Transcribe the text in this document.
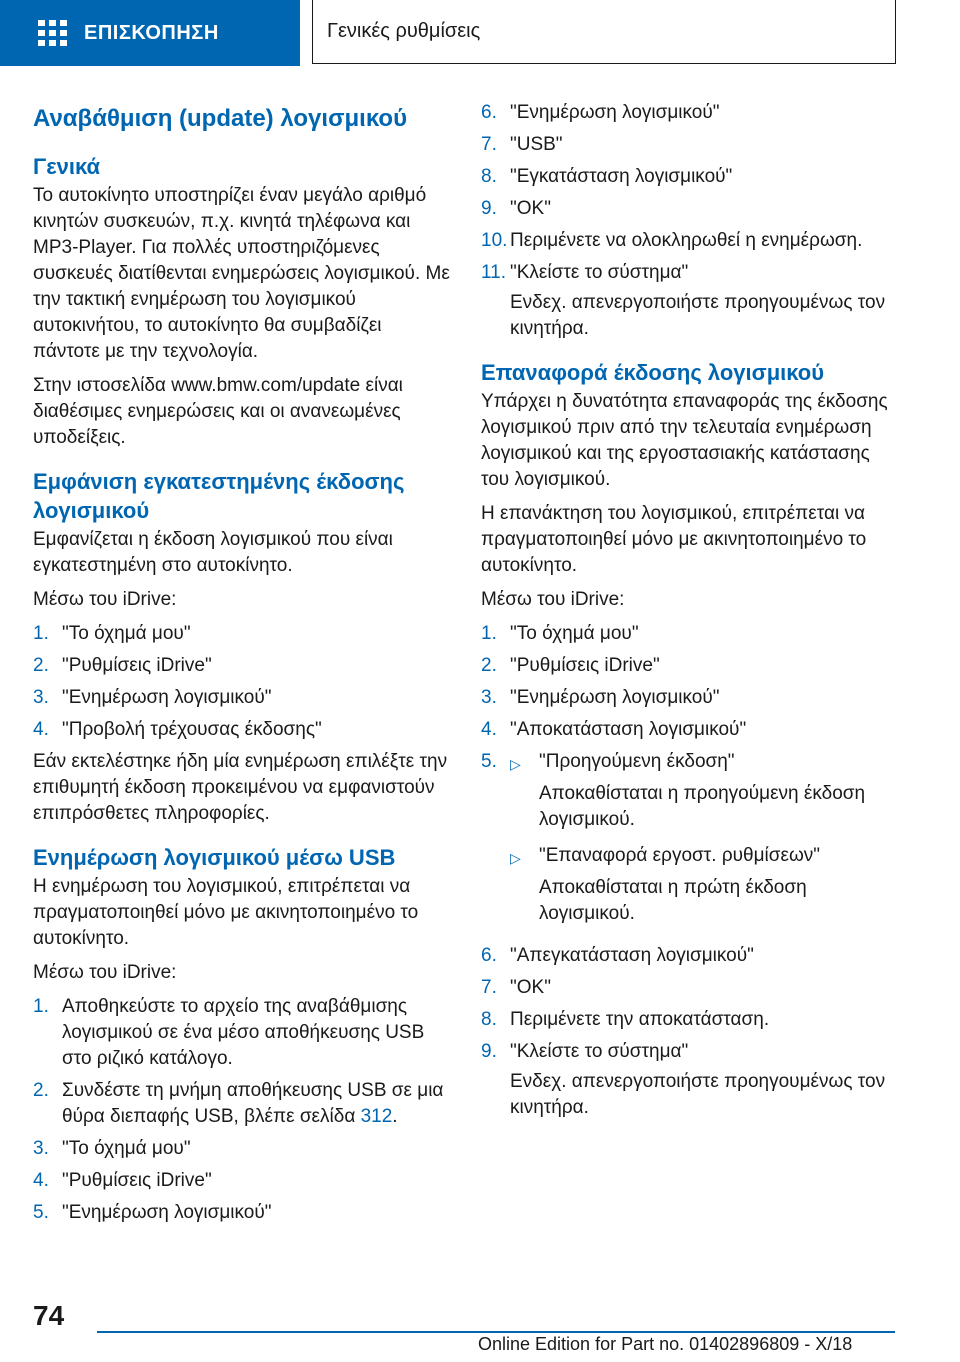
ΕΠΙΣΚΟΠΗΣΗ	Γενικές ρυθμίσεις
Αναβάθμιση (update) λογισμικού
Γενικά

Το αυτοκίνητο υποστηρίζει έναν μεγάλο αριθμό κινητών συσκευών, π.χ. κινητά τηλέφωνα και MP3-Player. Για πολλές υποστηριζόμενες συσκευές διατίθενται ενημερώσεις λογισμικού. Με την τακτική ενημέρωση του λογισμικού αυτοκινήτου, το αυτοκίνητο θα συμβαδίζει πάντοτε με την τεχνολογία.

Στην ιστοσελίδα www.bmw.com/update είναι διαθέσιμες ενημερώσεις και οι ανανεωμένες υποδείξεις.

Εμφάνιση εγκατεστημένης έκδοσης λογισμικού

Εμφανίζεται η έκδοση λογισμικού που είναι εγκατεστημένη στο αυτοκίνητο.

Μέσω του iDrive:

1. "Το όχημά μου"
2. "Ρυθμίσεις iDrive"
3. "Ενημέρωση λογισμικού"
4. "Προβολή τρέχουσας έκδοσης"

Εάν εκτελέστηκε ήδη μία ενημέρωση επιλέξτε την επιθυμητή έκδοση προκειμένου να εμφανιστούν επιπρόσθετες πληροφορίες.

Ενημέρωση λογισμικού μέσω USB

Η ενημέρωση του λογισμικού, επιτρέπεται να πραγματοποιηθεί μόνο με ακινητοποιημένο το αυτοκίνητο.

Μέσω του iDrive:

1. Αποθηκεύστε το αρχείο της αναβάθμισης λογισμικού σε ένα μέσο αποθήκευσης USB στο ριζικό κατάλογο.
2. Συνδέστε τη μνήμη αποθήκευσης USB σε μια θύρα διεπαφής USB, βλέπε σελίδα 312.
3. "Το όχημά μου"
4. "Ρυθμίσεις iDrive"
5. "Ενημέρωση λογισμικού"
6. "Ενημέρωση λογισμικού"
7. "USB"
8. "Εγκατάσταση λογισμικού"
9. "OK"
10. Περιμένετε να ολοκληρωθεί η ενημέρωση.
11. "Κλείστε το σύστημα"

Ενδεχ. απενεργοποιήστε προηγουμένως τον κινητήρα.

Επαναφορά έκδοσης λογισμικού

Υπάρχει η δυνατότητα επαναφοράς της έκδοσης λογισμικού πριν από την τελευταία ενημέρωση λογισμικού και της εργοστασιακής κατάστασης του λογισμικού.

Η επανάκτηση του λογισμικού, επιτρέπεται να πραγματοποιηθεί μόνο με ακινητοποιημένο το αυτοκίνητο.

Μέσω του iDrive:

1. "Το όχημά μου"
2. "Ρυθμίσεις iDrive"
3. "Ενημέρωση λογισμικού"
4. "Αποκατάσταση λογισμικού"
5. ▷ "Προηγούμενη έκδοση"
Αποκαθίσταται η προηγούμενη έκδοση λογισμικού.
▷ "Επαναφορά εργοστ. ρυθμίσεων"
Αποκαθίσταται η πρώτη έκδοση λογισμικού.
6. "Απεγκατάσταση λογισμικού"
7. "OK"
8. Περιμένετε την αποκατάσταση.
9. "Κλείστε το σύστημα"

Ενδεχ. απενεργοποιήστε προηγουμένως τον κινητήρα.

74
Online Edition for Part no. 01402896809 - X/18
